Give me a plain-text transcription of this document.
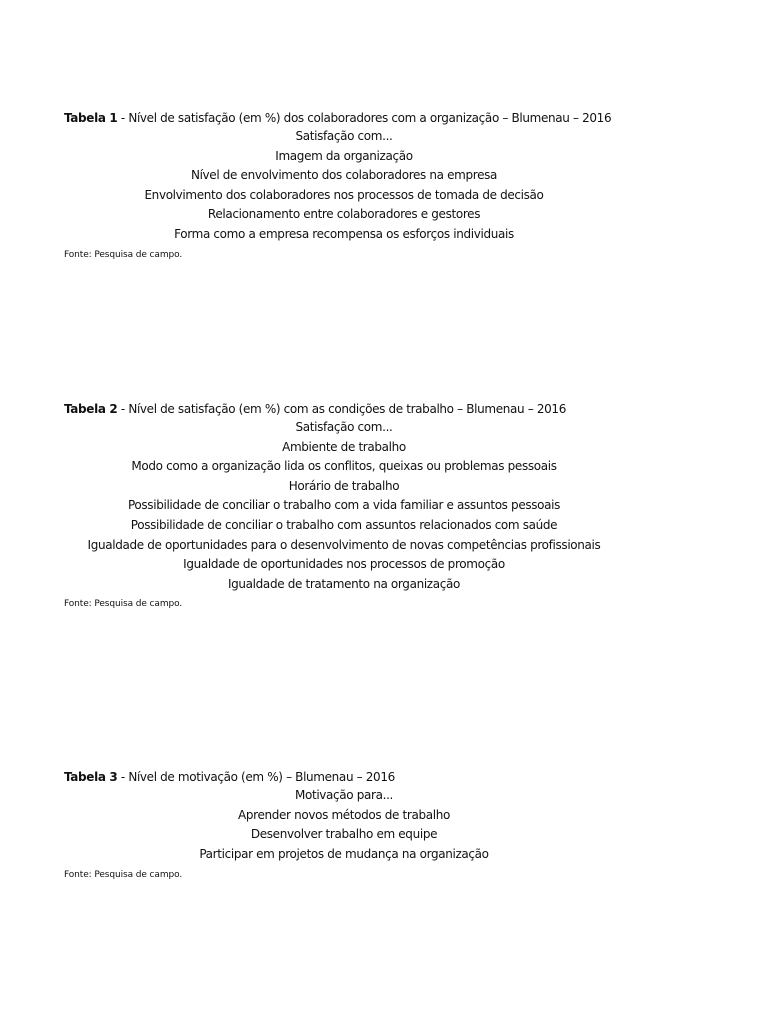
Tabela 1 - Nível de satisfação (em %) dos colaboradores com a organização – Blumenau – 2016
Satisfação com...
Imagem da organização
Nível de envolvimento dos colaboradores na empresa
Envolvimento dos colaboradores nos processos de tomada de decisão
Relacionamento entre colaboradores e gestores
Forma como a empresa recompensa os esforços individuais
Fonte: Pesquisa de campo.
Tabela 2 - Nível de satisfação (em %) com as condições de trabalho – Blumenau – 2016
Satisfação com...
Ambiente de trabalho
Modo como a organização lida os conflitos, queixas ou problemas pessoais
Horário de trabalho
Possibilidade de conciliar o trabalho com a vida familiar e assuntos pessoais
Possibilidade de conciliar o trabalho com assuntos relacionados com saúde
Igualdade de oportunidades para o desenvolvimento de novas competências profissionais
Igualdade de oportunidades nos processos de promoção
Igualdade de tratamento na organização
Fonte: Pesquisa de campo.
Tabela 3 - Nível de motivação (em %) – Blumenau – 2016
Motivação para...
Aprender novos métodos de trabalho
Desenvolver trabalho em equipe
Participar em projetos de mudança na organização
Fonte: Pesquisa de campo.
